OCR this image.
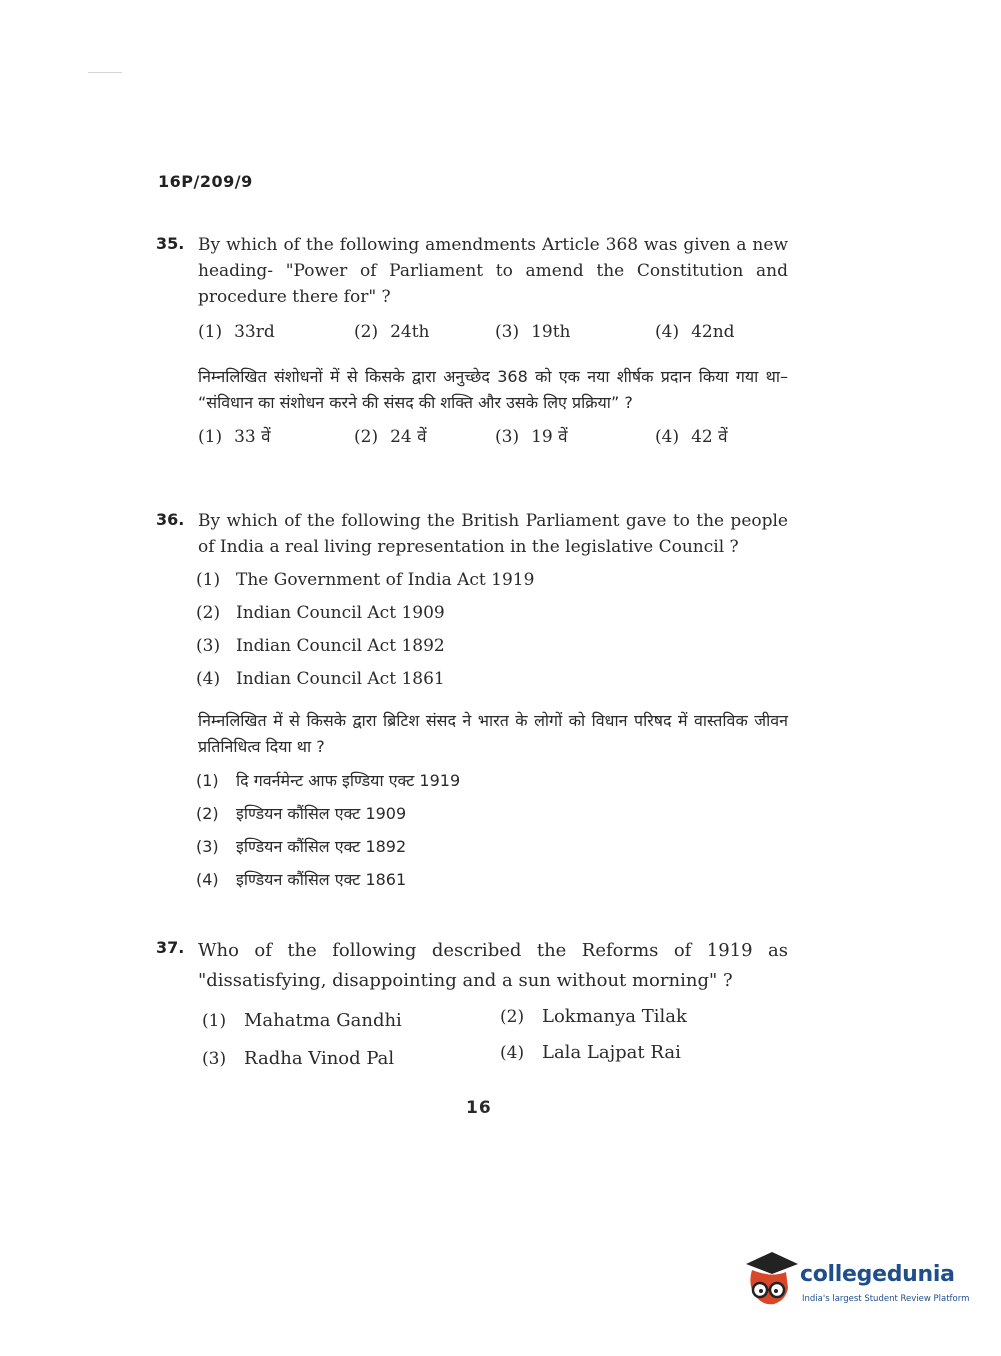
16P/209/9
35. By which of the following amendments Article 368 was given a new heading- "Power of Parliament to amend the Constitution and procedure there for" ?
(1) 33rd	(2) 24th	(3) 19th	(4) 42nd
निम्नलिखित संशोधनों में से किसके द्वारा अनुच्छेद 368 को एक नया शीर्षक प्रदान किया गया था– “संविधान का संशोधन करने की संसद की शक्ति और उसके लिए प्रक्रिया” ?
(1) 33 वें	(2) 24 वें	(3) 19 वें	(4) 42 वें
36. By which of the following the British Parliament gave to the people of India a real living representation in the legislative Council ?
(1) The Government of India Act 1919
(2) Indian Council Act 1909
(3) Indian Council Act 1892
(4) Indian Council Act 1861
निम्नलिखित में से किसके द्वारा ब्रिटिश संसद ने भारत के लोगों को विधान परिषद में वास्तविक जीवन प्रतिनिधित्व दिया था ?
(1) दि गवर्नमेन्ट आफ इण्डिया एक्ट 1919
(2) इण्डियन कौंसिल एक्ट 1909
(3) इण्डियन कौंसिल एक्ट 1892
(4) इण्डियन कौंसिल एक्ट 1861
37. Who of the following described the Reforms of 1919 as "dissatisfying, disappointing and a sun without morning" ?
(1) Mahatma Gandhi	(2) Lokmanya Tilak
(3) Radha Vinod Pal	(4) Lala Lajpat Rai
16
collegedunia
India's largest Student Review Platform
